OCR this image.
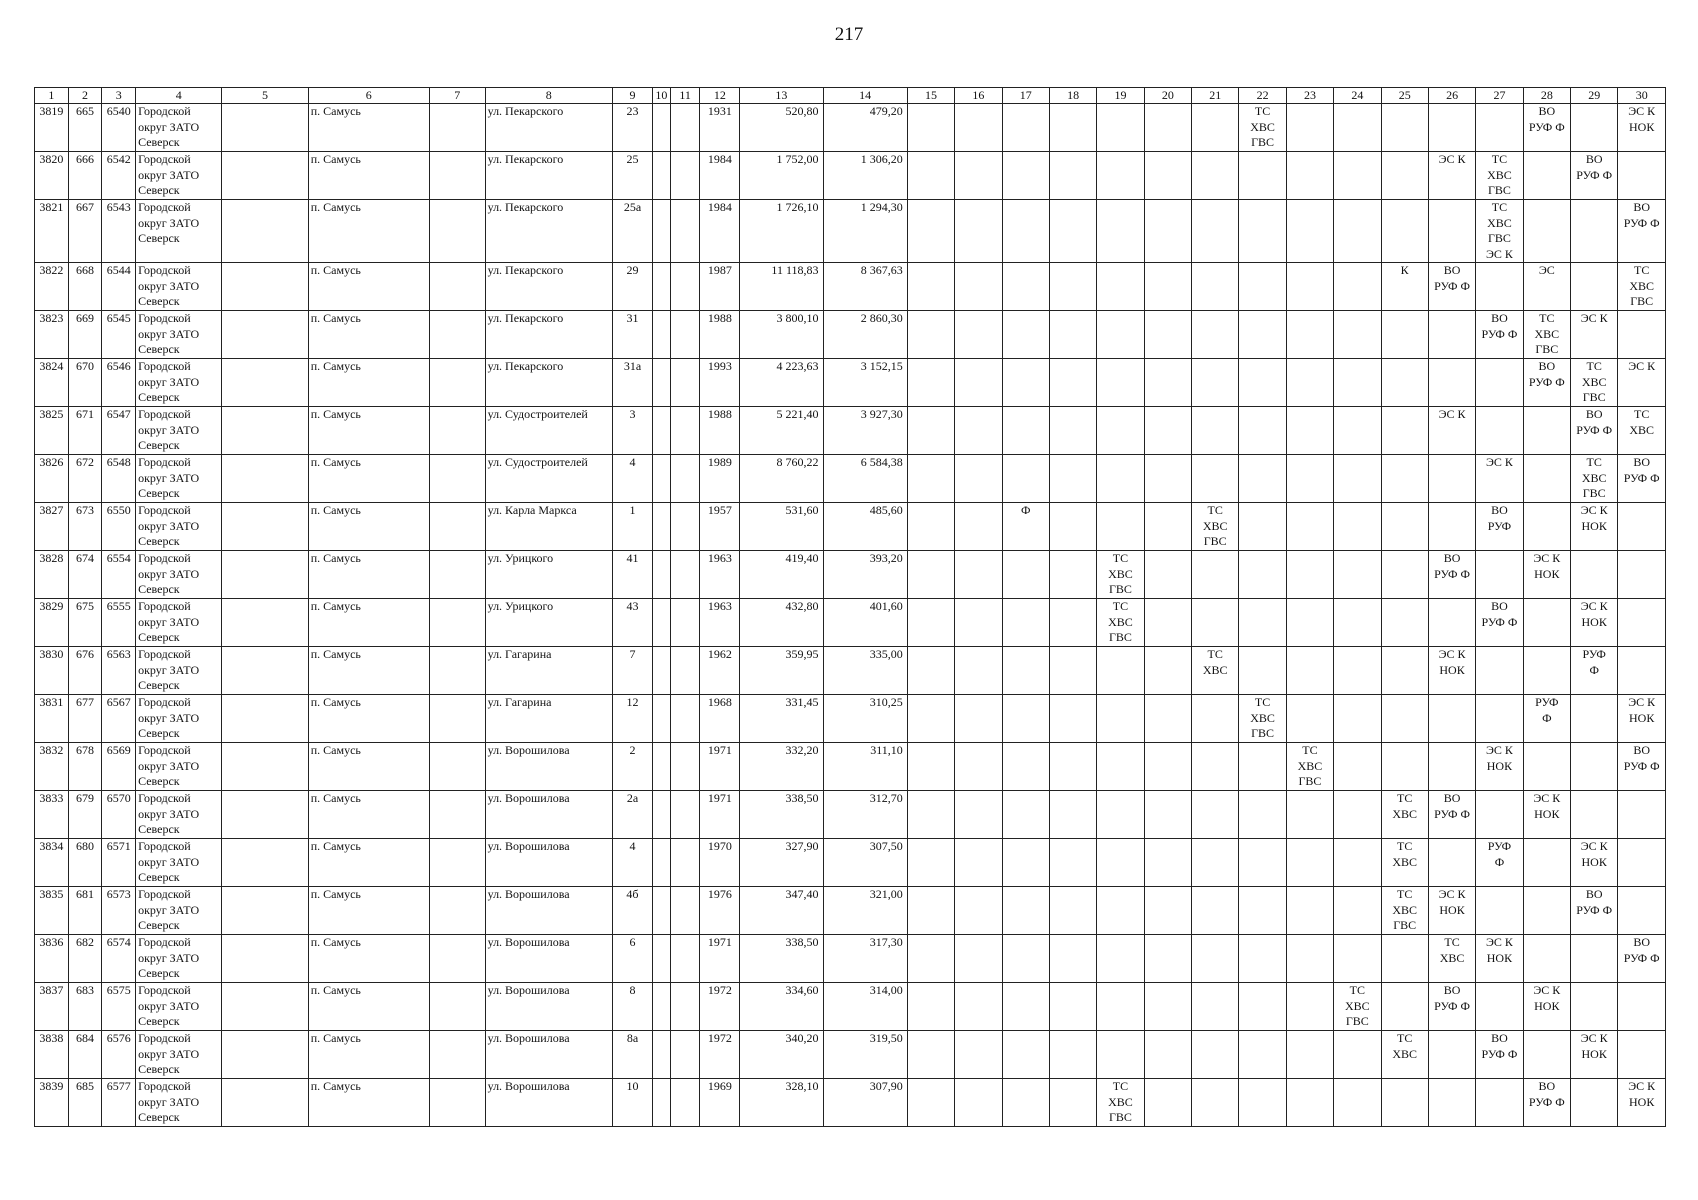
217
1	2	3	4	5	6	7	8	9	10	11	12	13	14	15	16	17	18	19	20	21	22	23	24	25	26	27	28	29	30
3819	665	6540	Городской
округ ЗАТО
Северск		п. Самусь		ул. Пекарского	23			1931	520,80	479,20								ТС
ХВС
ГВС						ВО
РУФ Ф		ЭС К
НОК
3820	666	6542	Городской
округ ЗАТО
Северск		п. Самусь		ул. Пекарского	25			1984	1 752,00	1 306,20												ЭС К	ТС
ХВС
ГВС		ВО
РУФ Ф	
3821	667	6543	Городской
округ ЗАТО
Северск		п. Самусь		ул. Пекарского	25а			1984	1 726,10	1 294,30													ТС
ХВС
ГВС
ЭС К			ВО
РУФ Ф
3822	668	6544	Городской
округ ЗАТО
Северск		п. Самусь		ул. Пекарского	29			1987	11 118,83	8 367,63											К	ВО
РУФ Ф		ЭС		ТС
ХВС
ГВС
3823	669	6545	Городской
округ ЗАТО
Северск		п. Самусь		ул. Пекарского	31			1988	3 800,10	2 860,30													ВО
РУФ Ф	ТС
ХВС
ГВС	ЭС К	
3824	670	6546	Городской
округ ЗАТО
Северск		п. Самусь		ул. Пекарского	31а			1993	4 223,63	3 152,15														ВО
РУФ Ф	ТС
ХВС
ГВС	ЭС К
3825	671	6547	Городской
округ ЗАТО
Северск		п. Самусь		ул. Судостроителей	3			1988	5 221,40	3 927,30												ЭС К			ВО
РУФ Ф	ТС
ХВС
3826	672	6548	Городской
округ ЗАТО
Северск		п. Самусь		ул. Судостроителей	4			1989	8 760,22	6 584,38													ЭС К		ТС
ХВС
ГВС	ВО
РУФ Ф
3827	673	6550	Городской
округ ЗАТО
Северск		п. Самусь		ул. Карла Маркса	1			1957	531,60	485,60			Ф				ТС
ХВС
ГВС						ВО
РУФ		ЭС К
НОК	
3828	674	6554	Городской
округ ЗАТО
Северск		п. Самусь		ул. Урицкого	41			1963	419,40	393,20					ТС
ХВС
ГВС							ВО
РУФ Ф		ЭС К
НОК		
3829	675	6555	Городской
округ ЗАТО
Северск		п. Самусь		ул. Урицкого	43			1963	432,80	401,60					ТС
ХВС
ГВС								ВО
РУФ Ф		ЭС К
НОК	
3830	676	6563	Городской
округ ЗАТО
Северск		п. Самусь		ул. Гагарина	7			1962	359,95	335,00							ТС
ХВС					ЭС К
НОК			РУФ
Ф	
3831	677	6567	Городской
округ ЗАТО
Северск		п. Самусь		ул. Гагарина	12			1968	331,45	310,25								ТС
ХВС
ГВС						РУФ
Ф		ЭС К
НОК
3832	678	6569	Городской
округ ЗАТО
Северск		п. Самусь		ул. Ворошилова	2			1971	332,20	311,10									ТС
ХВС
ГВС				ЭС К
НОК			ВО
РУФ Ф
3833	679	6570	Городской
округ ЗАТО
Северск		п. Самусь		ул. Ворошилова	2а			1971	338,50	312,70											ТС
ХВС	ВО
РУФ Ф		ЭС К
НОК		
3834	680	6571	Городской
округ ЗАТО
Северск		п. Самусь		ул. Ворошилова	4			1970	327,90	307,50											ТС
ХВС		РУФ
Ф		ЭС К
НОК	
3835	681	6573	Городской
округ ЗАТО
Северск		п. Самусь		ул. Ворошилова	4б			1976	347,40	321,00											ТС
ХВС
ГВС	ЭС К
НОК			ВО
РУФ Ф	
3836	682	6574	Городской
округ ЗАТО
Северск		п. Самусь		ул. Ворошилова	6			1971	338,50	317,30												ТС
ХВС	ЭС К
НОК			ВО
РУФ Ф
3837	683	6575	Городской
округ ЗАТО
Северск		п. Самусь		ул. Ворошилова	8			1972	334,60	314,00										ТС
ХВС
ГВС		ВО
РУФ Ф		ЭС К
НОК		
3838	684	6576	Городской
округ ЗАТО
Северск		п. Самусь		ул. Ворошилова	8а			1972	340,20	319,50											ТС
ХВС		ВО
РУФ Ф		ЭС К
НОК	
3839	685	6577	Городской
округ ЗАТО
Северск		п. Самусь		ул. Ворошилова	10			1969	328,10	307,90					ТС
ХВС
ГВС									ВО
РУФ Ф		ЭС К
НОК
